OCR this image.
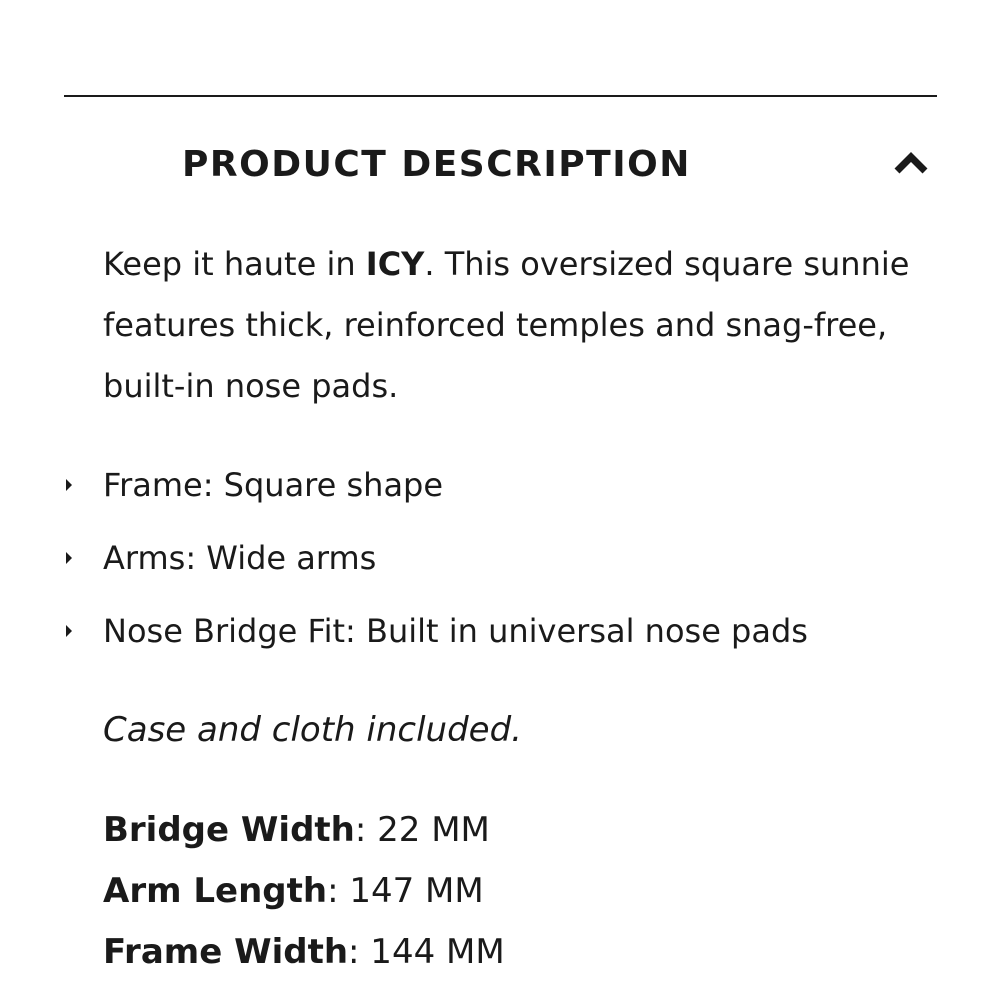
PRODUCT DESCRIPTION

Keep it haute in ICY. This oversized square sunnie features thick, reinforced temples and snag-free, built-in nose pads.

Frame: Square shape
Arms: Wide arms
Nose Bridge Fit: Built in universal nose pads

Case and cloth included.

Bridge Width: 22 MM
Arm Length: 147 MM
Frame Width: 144 MM
